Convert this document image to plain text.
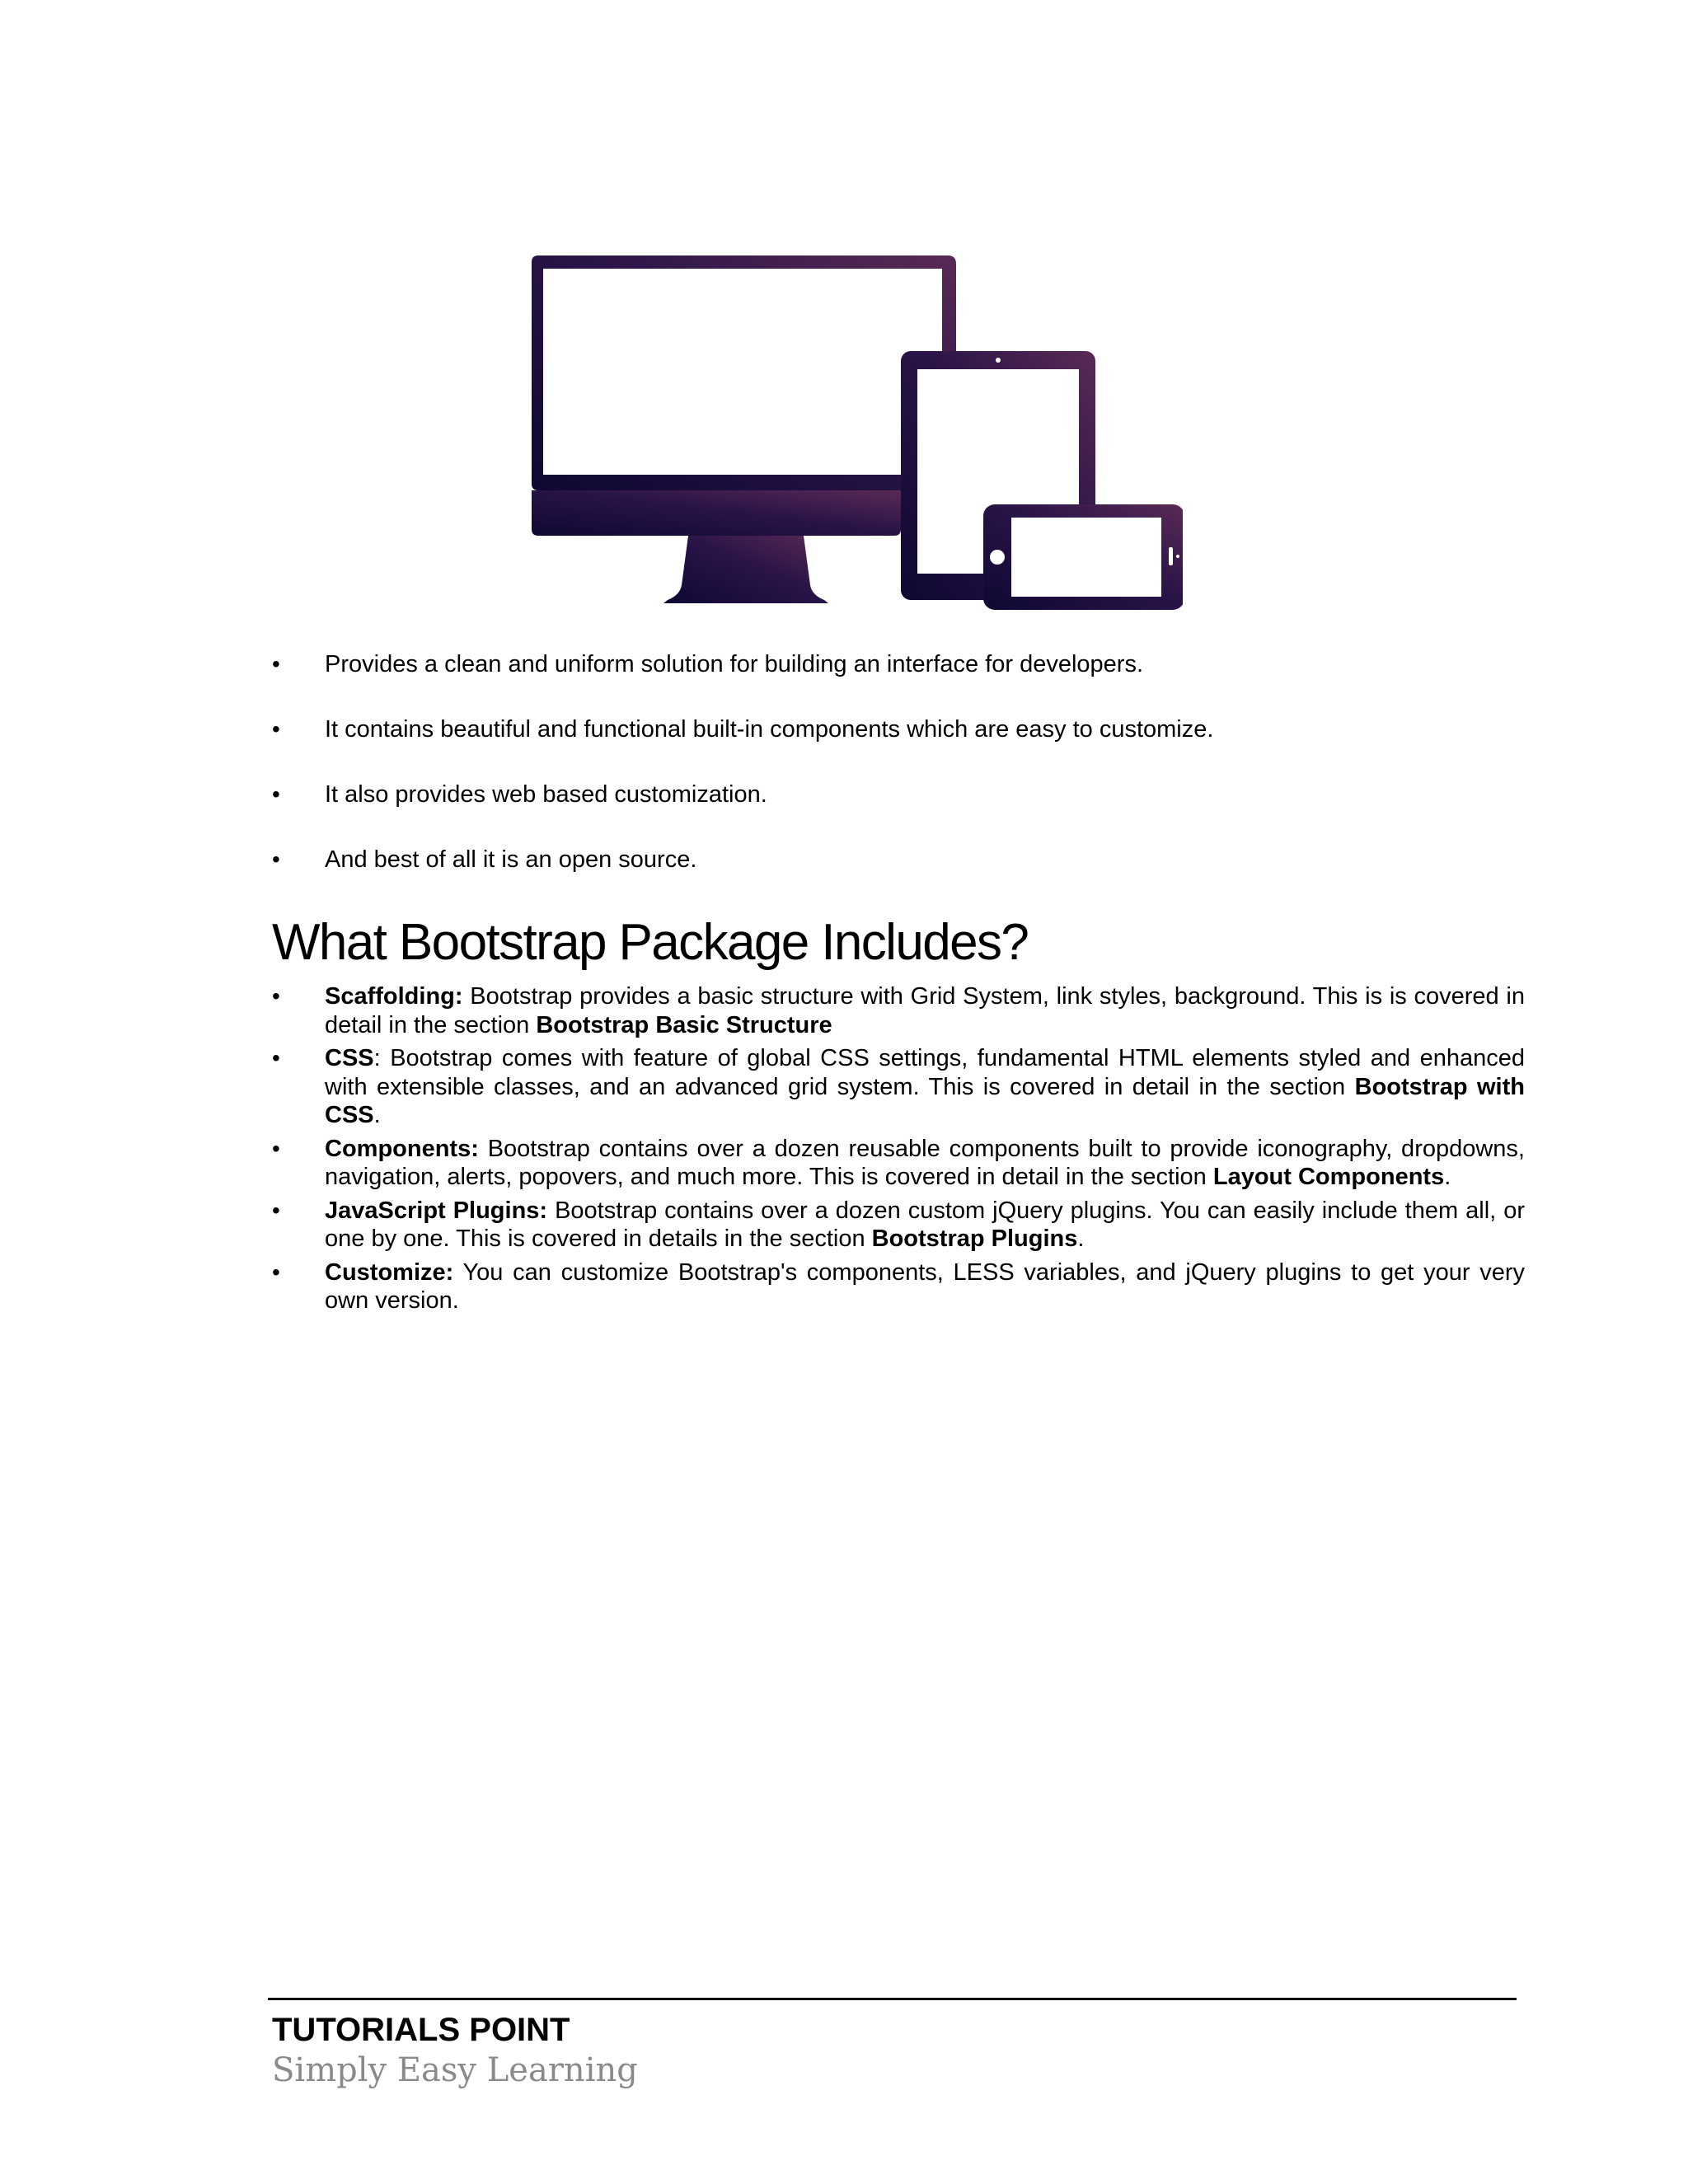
• Provides a clean and uniform solution for building an interface for developers.
• It contains beautiful and functional built-in components which are easy to customize.
• It also provides web based customization.
• And best of all it is an open source.
What Bootstrap Package Includes?
• Scaffolding: Bootstrap provides a basic structure with Grid System, link styles, background. This is is covered in detail in the section Bootstrap Basic Structure
• CSS: Bootstrap comes with feature of global CSS settings, fundamental HTML elements styled and enhanced with extensible classes, and an advanced grid system. This is covered in detail in the section Bootstrap with CSS.
• Components: Bootstrap contains over a dozen reusable components built to provide iconography, dropdowns, navigation, alerts, popovers, and much more. This is covered in detail in the section Layout Components.
• JavaScript Plugins: Bootstrap contains over a dozen custom jQuery plugins. You can easily include them all, or one by one. This is covered in details in the section Bootstrap Plugins.
• Customize: You can customize Bootstrap's components, LESS variables, and jQuery plugins to get your very own version.
TUTORIALS POINT
Simply Easy Learning
